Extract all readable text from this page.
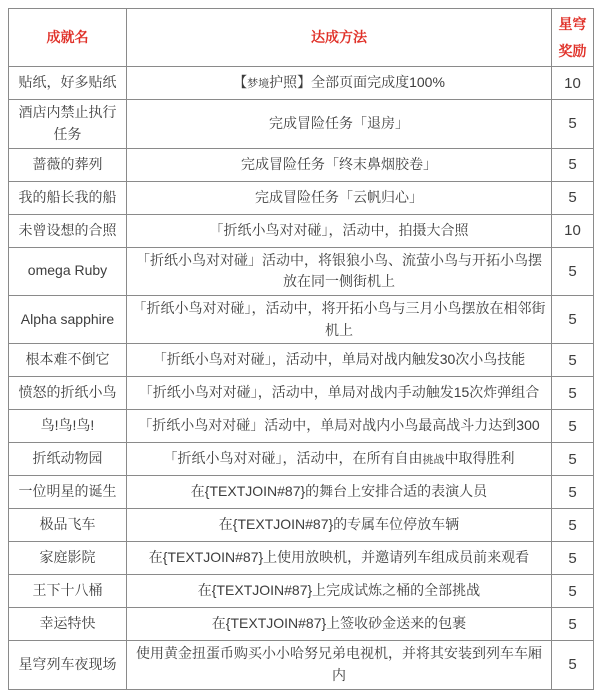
成就名	达成方法	星穹奖励
贴纸，好多贴纸	【梦境护照】全部页面完成度100%	10
酒店内禁止执行任务	完成冒险任务「退房」	5
蔷薇的葬列	完成冒险任务「终末鼻烟胶卷」	5
我的船长我的船	完成冒险任务「云帆归心」	5
未曾设想的合照	「折纸小鸟对对碰」，活动中，拍摄大合照	10
omega Ruby	「折纸小鸟对对碰」活动中，将银狼小鸟、流萤小鸟与开拓小鸟摆放在同一侧街机上	5
Alpha sapphire	「折纸小鸟对对碰」，活动中，将开拓小鸟与三月小鸟摆放在相邻街机上	5
根本难不倒它	「折纸小鸟对对碰」，活动中，单局对战内触发30次小鸟技能	5
愤怒的折纸小鸟	「折纸小鸟对对碰」，活动中，单局对战内手动触发15次炸弹组合	5
鸟!鸟!鸟!	「折纸小鸟对对碰」活动中，单局对战内小鸟最高战斗力达到300	5
折纸动物园	「折纸小鸟对对碰」，活动中，在所有自由挑战中取得胜利	5
一位明星的诞生	在{TEXTJOIN#87}的舞台上安排合适的表演人员	5
极品飞车	在{TEXTJOIN#87}的专属车位停放车辆	5
家庭影院	在{TEXTJOIN#87}上使用放映机，并邀请列车组成员前来观看	5
王下十八桶	在{TEXTJOIN#87}上完成试炼之桶的全部挑战	5
幸运特快	在{TEXTJOIN#87}上签收砂金送来的包裹	5
星穹列车夜现场	使用黄金扭蛋币购买小小哈努兄弟电视机，并将其安装到列车车厢内	5
